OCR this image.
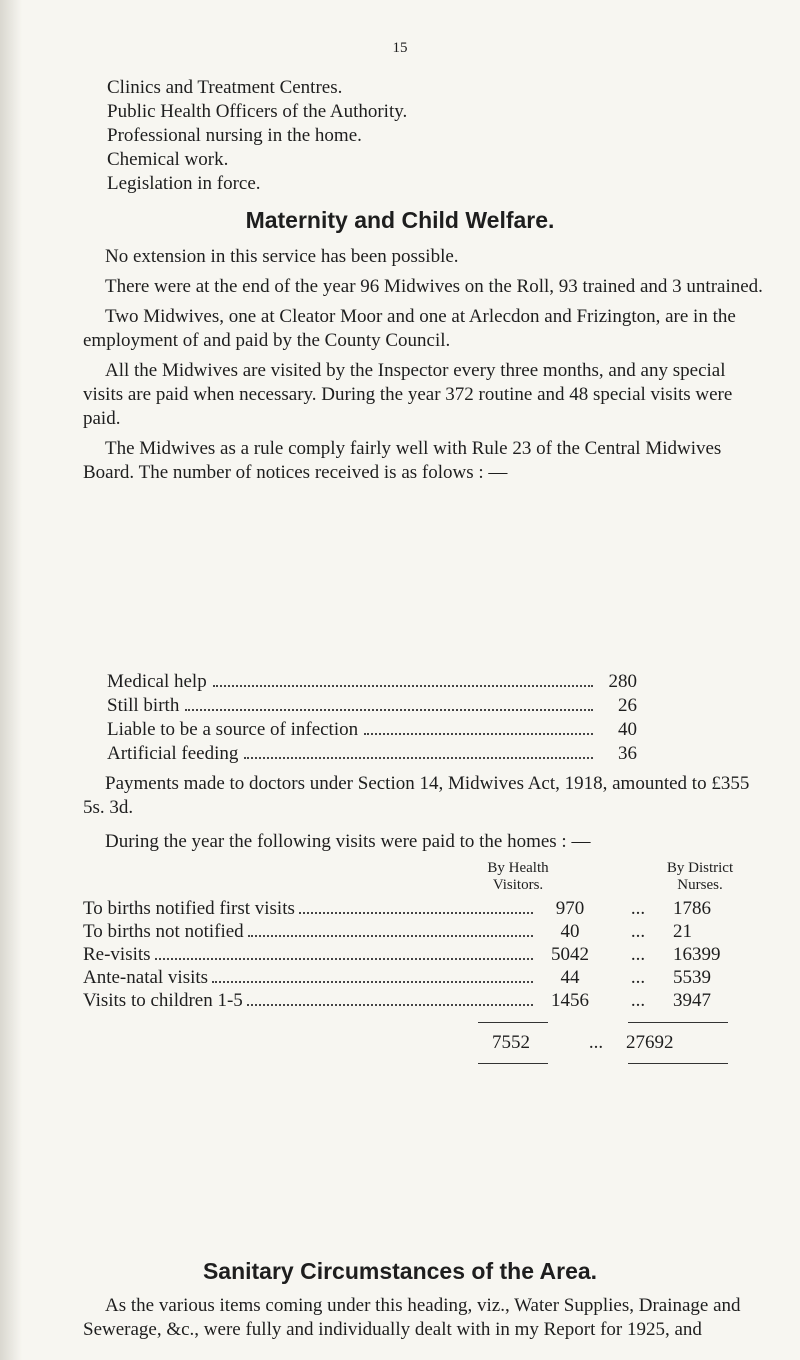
15
Clinics and Treatment Centres.
Public Health Officers of the Authority.
Professional nursing in the home.
Chemical work.
Legislation in force.
Maternity and Child Welfare.

No extension in this service has been possible.

There were at the end of the year 96 Midwives on the Roll, 93 trained and 3 untrained.

Two Midwives, one at Cleator Moor and one at Arlecdon and Frizington, are in the employment of and paid by the County Council.

All the Midwives are visited by the Inspector every three months, and any special visits are paid when necessary. During the year 372 routine and 48 special visits were paid.

The Midwives as a rule comply fairly well with Rule 23 of the Central Midwives Board. The number of notices received is as folows : —

Medical help	280
Still birth	26
Liable to be a source of infection	40
Artificial feeding	36

Payments made to doctors under Section 14, Midwives Act, 1918, amounted to £355 5s. 3d.

During the year the following visits were paid to the homes : —

By Health
Visitors.
By District
Nurses.
To births notified first visits	970	...	1786
To births not notified	40	...	21
Re-visits	5042	...	16399
Ante-natal visits	44	...	5539
Visits to children 1-5	1456	...	3947
7552	...	27692
Sanitary Circumstances of the Area.

As the various items coming under this heading, viz., Water Supplies, Drainage and Sewerage, &c., were fully and individually dealt with in my Report for 1925, and
